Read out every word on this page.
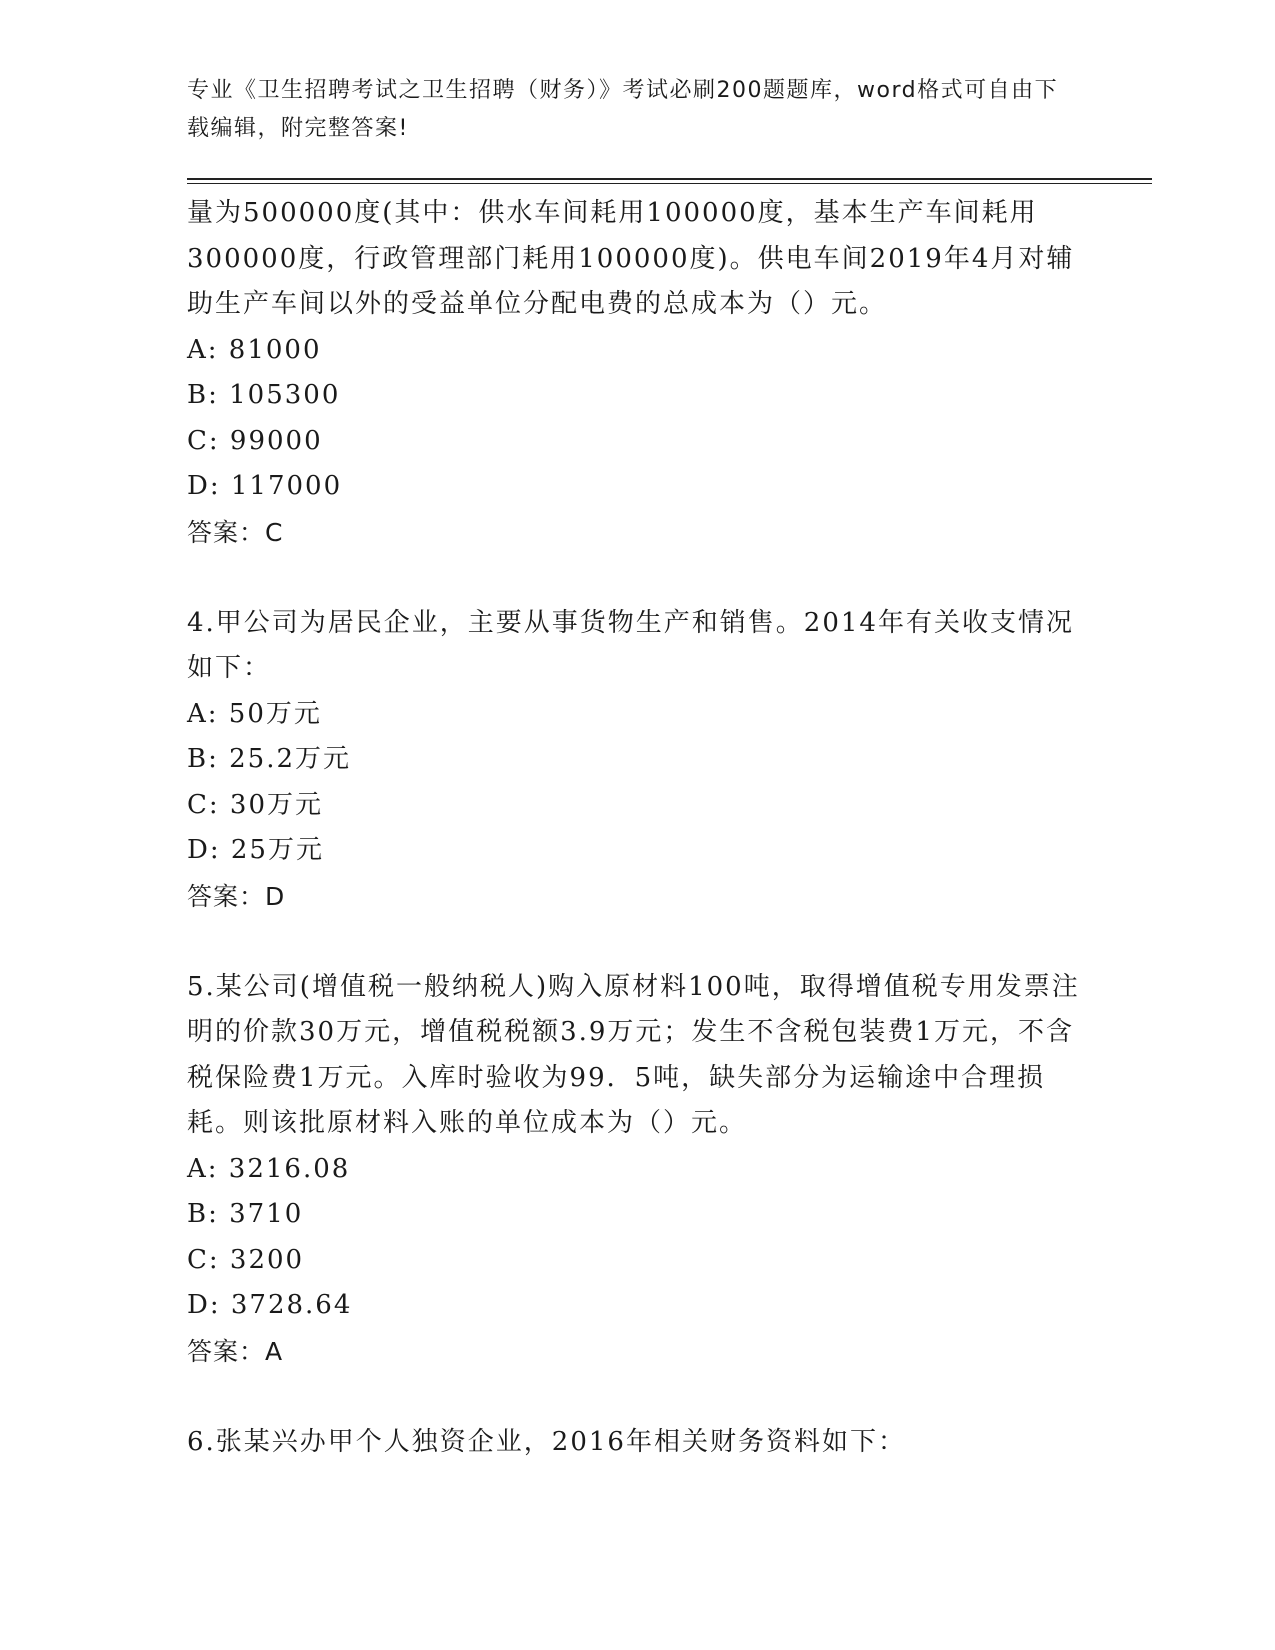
专业《卫生招聘考试之卫生招聘（财务）》考试必刷200题题库，word格式可自由下载编辑，附完整答案!

量为500000度(其中：供水车间耗用100000度，基本生产车间耗用300000度，行政管理部门耗用100000度)。供电车间2019年4月对辅助生产车间以外的受益单位分配电费的总成本为（）元。

A: 81000

B: 105300

C: 99000

D: 117000

答案：C

4.甲公司为居民企业，主要从事货物生产和销售。2014年有关收支情况如下：

A: 50万元

B: 25.2万元

C: 30万元

D: 25万元

答案：D

5.某公司(增值税一般纳税人)购入原材料100吨，取得增值税专用发票注明的价款30万元，增值税税额3.9万元；发生不含税包装费1万元，不含税保险费1万元。入库时验收为99．5吨，缺失部分为运输途中合理损耗。则该批原材料入账的单位成本为（）元。

A: 3216.08

B: 3710

C: 3200

D: 3728.64

答案：A

6.张某兴办甲个人独资企业，2016年相关财务资料如下：
